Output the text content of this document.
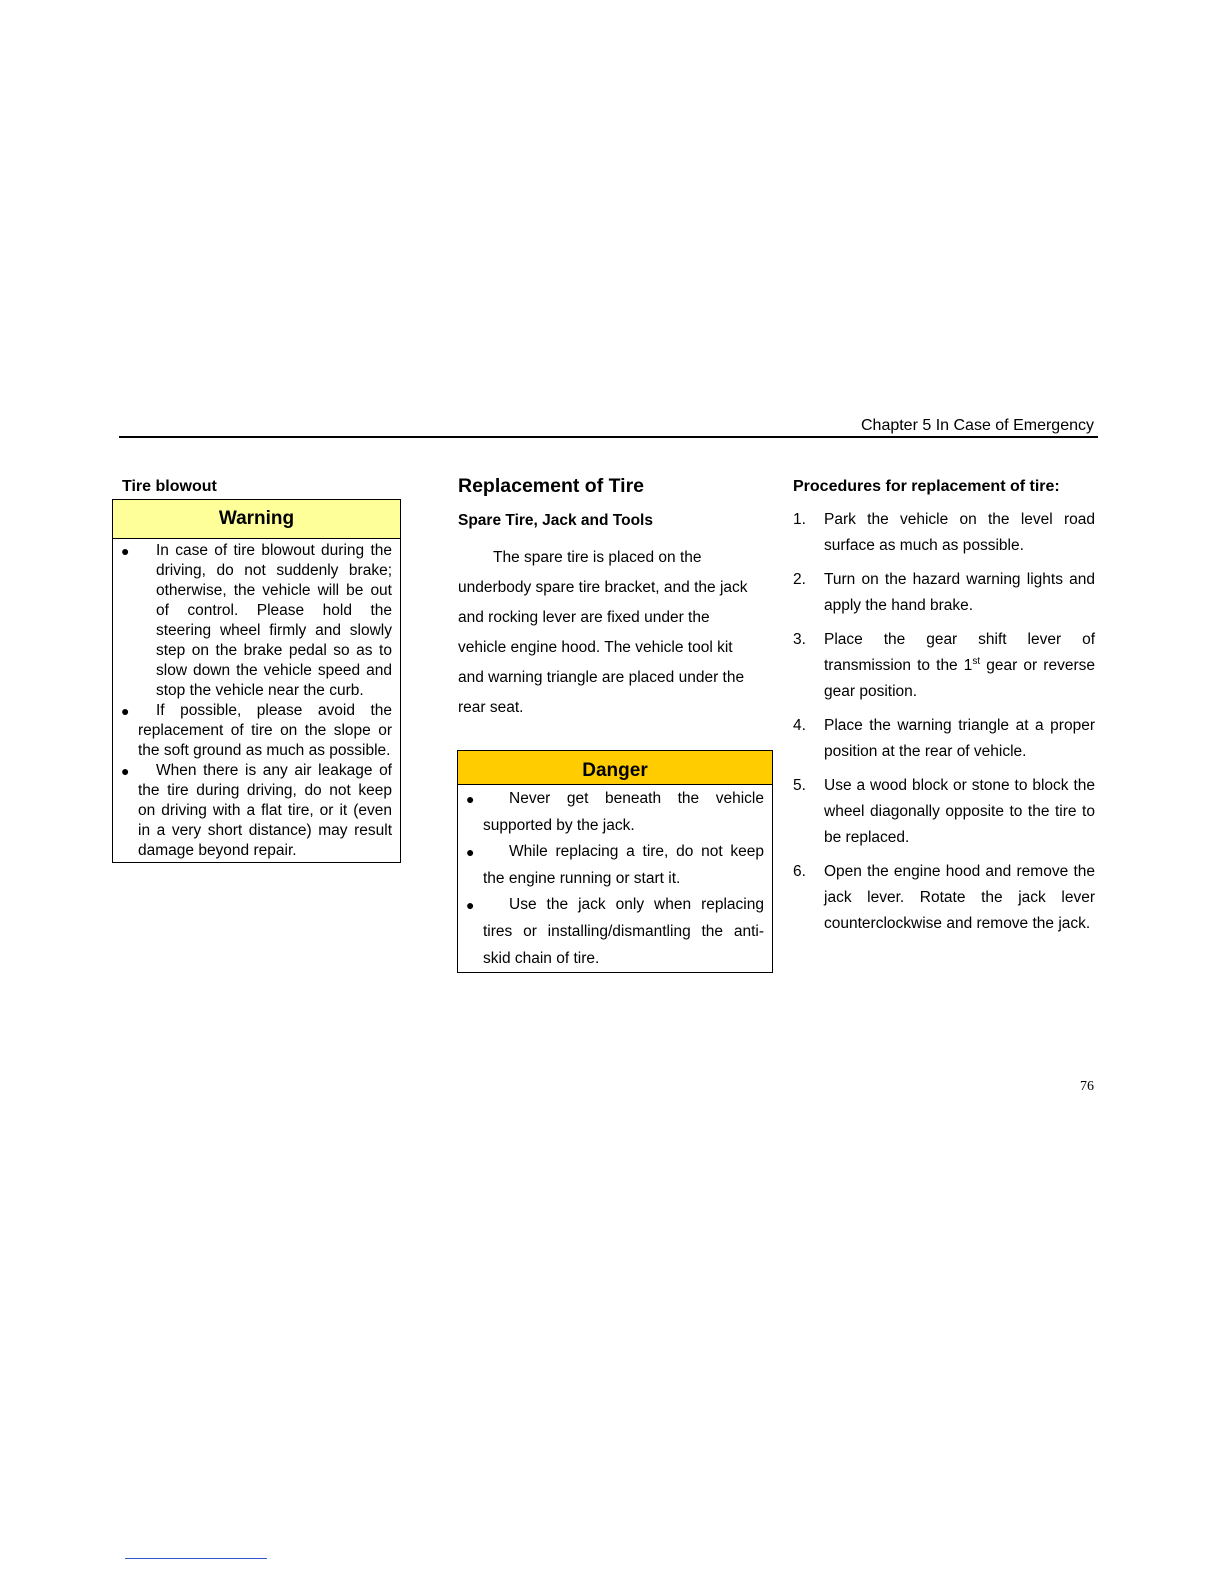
Chapter 5 In Case of Emergency
Tire blowout
Warning
●	In case of tire blowout during the driving, do not suddenly brake; otherwise, the vehicle will be out of control. Please hold the steering wheel firmly and slowly step on the brake pedal so as to slow down the vehicle speed and stop the vehicle near the curb.
●	If possible, please avoid the replacement of tire on the slope or the soft ground as much as possible.
●	When there is any air leakage of the tire during driving, do not keep on driving with a flat tire, or it (even in a very short distance) may result damage beyond repair.
Replacement of Tire
Spare Tire, Jack and Tools
The spare tire is placed on the underbody spare tire bracket, and the jack and rocking lever are fixed under the vehicle engine hood. The vehicle tool kit and warning triangle are placed under the rear seat.
Danger
●	Never get beneath the vehicle supported by the jack.
●	While replacing a tire, do not keep the engine running or start it.
●	Use the jack only when replacing tires or installing/dismantling the anti-skid chain of tire.
Procedures for replacement of tire:
1. Park the vehicle on the level road surface as much as possible.
2. Turn on the hazard warning lights and apply the hand brake.
3. Place the gear shift lever of transmission to the 1st gear or reverse gear position.
4. Place the warning triangle at a proper position at the rear of vehicle.
5. Use a wood block or stone to block the wheel diagonally opposite to the tire to be replaced.
6. Open the engine hood and remove the jack lever. Rotate the jack lever counterclockwise and remove the jack.
76
